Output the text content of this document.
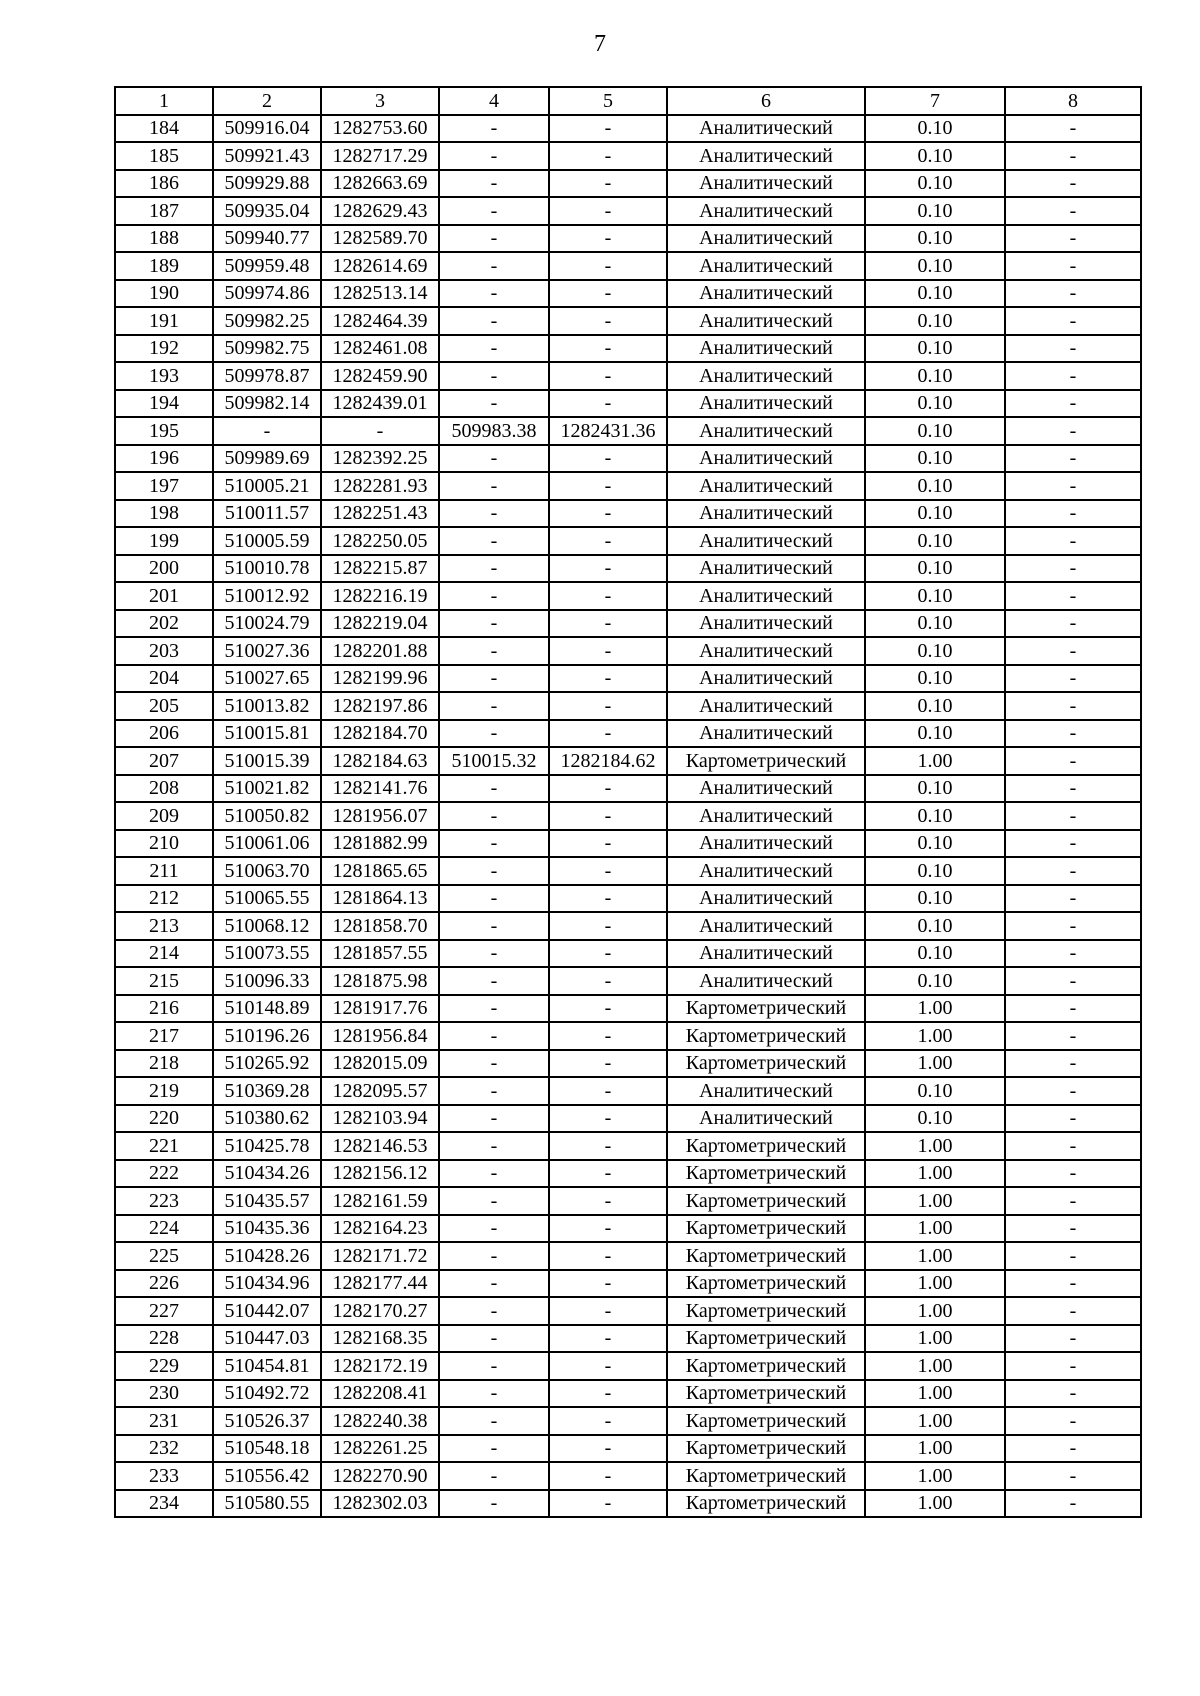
7
1	2	3	4	5	6	7	8
184	509916.04	1282753.60	-	-	Аналитический	0.10	-
185	509921.43	1282717.29	-	-	Аналитический	0.10	-
186	509929.88	1282663.69	-	-	Аналитический	0.10	-
187	509935.04	1282629.43	-	-	Аналитический	0.10	-
188	509940.77	1282589.70	-	-	Аналитический	0.10	-
189	509959.48	1282614.69	-	-	Аналитический	0.10	-
190	509974.86	1282513.14	-	-	Аналитический	0.10	-
191	509982.25	1282464.39	-	-	Аналитический	0.10	-
192	509982.75	1282461.08	-	-	Аналитический	0.10	-
193	509978.87	1282459.90	-	-	Аналитический	0.10	-
194	509982.14	1282439.01	-	-	Аналитический	0.10	-
195	-	-	509983.38	1282431.36	Аналитический	0.10	-
196	509989.69	1282392.25	-	-	Аналитический	0.10	-
197	510005.21	1282281.93	-	-	Аналитический	0.10	-
198	510011.57	1282251.43	-	-	Аналитический	0.10	-
199	510005.59	1282250.05	-	-	Аналитический	0.10	-
200	510010.78	1282215.87	-	-	Аналитический	0.10	-
201	510012.92	1282216.19	-	-	Аналитический	0.10	-
202	510024.79	1282219.04	-	-	Аналитический	0.10	-
203	510027.36	1282201.88	-	-	Аналитический	0.10	-
204	510027.65	1282199.96	-	-	Аналитический	0.10	-
205	510013.82	1282197.86	-	-	Аналитический	0.10	-
206	510015.81	1282184.70	-	-	Аналитический	0.10	-
207	510015.39	1282184.63	510015.32	1282184.62	Картометрический	1.00	-
208	510021.82	1282141.76	-	-	Аналитический	0.10	-
209	510050.82	1281956.07	-	-	Аналитический	0.10	-
210	510061.06	1281882.99	-	-	Аналитический	0.10	-
211	510063.70	1281865.65	-	-	Аналитический	0.10	-
212	510065.55	1281864.13	-	-	Аналитический	0.10	-
213	510068.12	1281858.70	-	-	Аналитический	0.10	-
214	510073.55	1281857.55	-	-	Аналитический	0.10	-
215	510096.33	1281875.98	-	-	Аналитический	0.10	-
216	510148.89	1281917.76	-	-	Картометрический	1.00	-
217	510196.26	1281956.84	-	-	Картометрический	1.00	-
218	510265.92	1282015.09	-	-	Картометрический	1.00	-
219	510369.28	1282095.57	-	-	Аналитический	0.10	-
220	510380.62	1282103.94	-	-	Аналитический	0.10	-
221	510425.78	1282146.53	-	-	Картометрический	1.00	-
222	510434.26	1282156.12	-	-	Картометрический	1.00	-
223	510435.57	1282161.59	-	-	Картометрический	1.00	-
224	510435.36	1282164.23	-	-	Картометрический	1.00	-
225	510428.26	1282171.72	-	-	Картометрический	1.00	-
226	510434.96	1282177.44	-	-	Картометрический	1.00	-
227	510442.07	1282170.27	-	-	Картометрический	1.00	-
228	510447.03	1282168.35	-	-	Картометрический	1.00	-
229	510454.81	1282172.19	-	-	Картометрический	1.00	-
230	510492.72	1282208.41	-	-	Картометрический	1.00	-
231	510526.37	1282240.38	-	-	Картометрический	1.00	-
232	510548.18	1282261.25	-	-	Картометрический	1.00	-
233	510556.42	1282270.90	-	-	Картометрический	1.00	-
234	510580.55	1282302.03	-	-	Картометрический	1.00	-
